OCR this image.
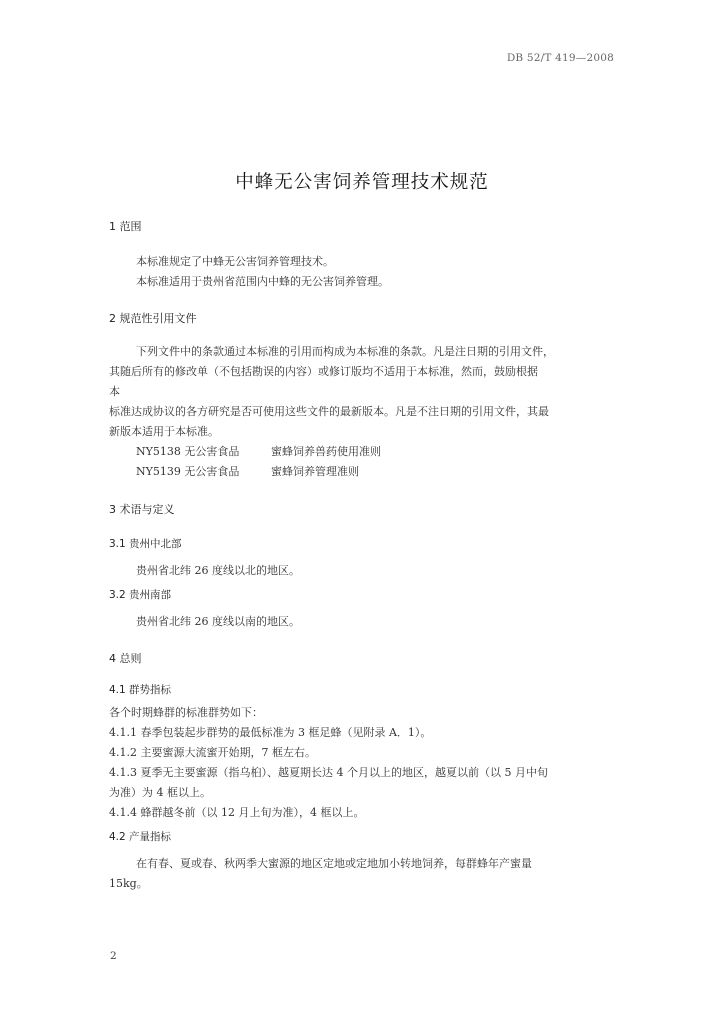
DB 52/T 419—2008
中蜂无公害饲养管理技术规范
1 范围
本标准规定了中蜂无公害饲养管理技术。
本标准适用于贵州省范围内中蜂的无公害饲养管理。
2 规范性引用文件
下列文件中的条款通过本标准的引用而构成为本标准的条款。凡是注日期的引用文件，
其随后所有的修改单（不包括勘误的内容）或修订版均不适用于本标准，然而，鼓励根据
本
标准达成协议的各方研究是否可使用这些文件的最新版本。凡是不注日期的引用文件，其最
新版本适用于本标准。
NY5138 无公害食品	蜜蜂饲养兽药使用准则
NY5139 无公害食品	蜜蜂饲养管理准则
3 术语与定义
3.1 贵州中北部
贵州省北纬 26 度线以北的地区。
3.2 贵州南部
贵州省北纬 26 度线以南的地区。
4 总则
4.1 群势指标
各个时期蜂群的标准群势如下：
4.1.1 春季包装起步群势的最低标准为 3 框足蜂（见附录 A．1）。
4.1.2 主要蜜源大流蜜开始期，7 框左右。
4.1.3 夏季无主要蜜源（指乌桕）、越夏期长达 4 个月以上的地区，越夏以前（以 5 月中旬
为准）为 4 框以上。
4.1.4 蜂群越冬前（以 12 月上旬为准），4 框以上。
4.2 产量指标
在有春、夏或春、秋两季大蜜源的地区定地或定地加小转地饲养，每群蜂年产蜜量
15kg。
2
